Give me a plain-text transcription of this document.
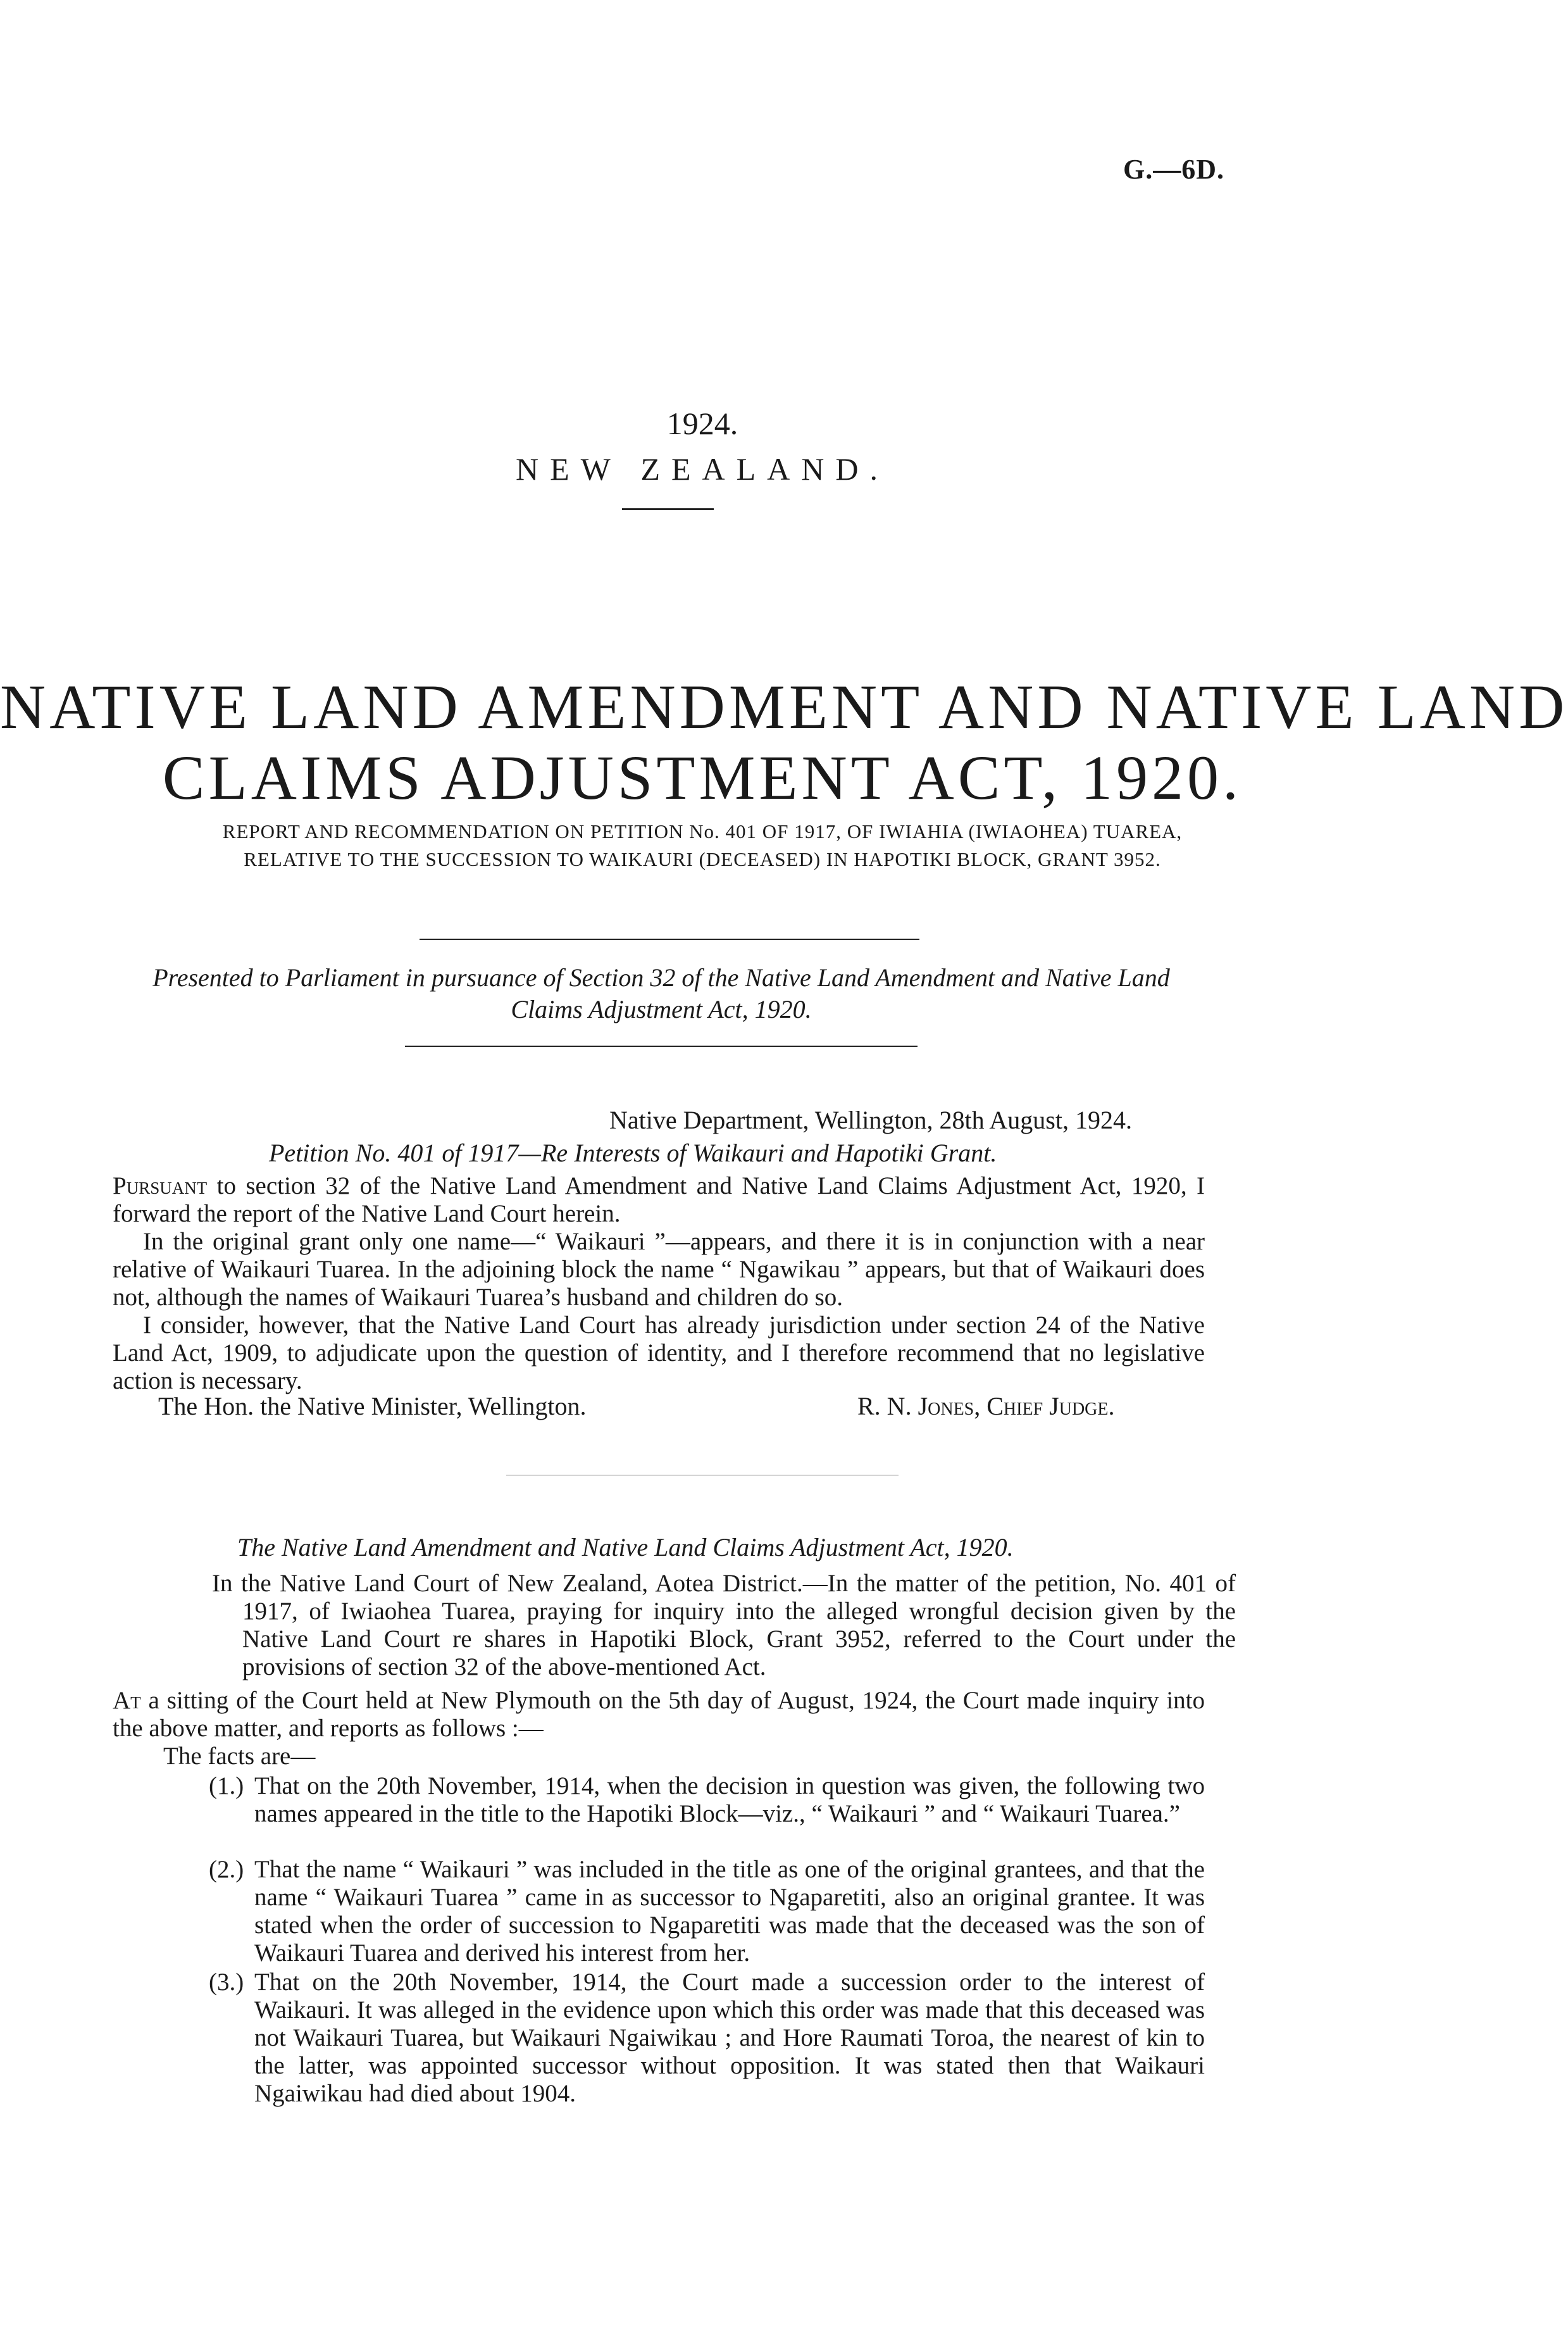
G.—6D.
1924.
NEW ZEALAND.
NATIVE LAND AMENDMENT AND NATIVE LAND
CLAIMS ADJUSTMENT ACT, 1920.
REPORT AND RECOMMENDATION ON PETITION No. 401 OF 1917, OF IWIAHIA (IWIAOHEA) TUAREA,
RELATIVE TO THE SUCCESSION TO WAIKAURI (DECEASED) IN HAPOTIKI BLOCK, GRANT 3952.
Presented to Parliament in pursuance of Section 32 of the Native Land Amendment and Native Land Claims Adjustment Act, 1920.
Native Department, Wellington, 28th August, 1924.
Petition No. 401 of 1917—Re Interests of Waikauri and Hapotiki Grant.
Pursuant to section 32 of the Native Land Amendment and Native Land Claims Adjustment Act, 1920, I forward the report of the Native Land Court herein.
In the original grant only one name—“ Waikauri ”—appears, and there it is in conjunction with a near relative of Waikauri Tuarea. In the adjoining block the name “ Ngawikau ” appears, but that of Waikauri does not, although the names of Waikauri Tuarea’s husband and children do so.
I consider, however, that the Native Land Court has already jurisdiction under section 24 of the Native Land Act, 1909, to adjudicate upon the question of identity, and I therefore recommend that no legislative action is necessary.
The Hon. the Native Minister, Wellington.	R. N. Jones, Chief Judge.
The Native Land Amendment and Native Land Claims Adjustment Act, 1920.
In the Native Land Court of New Zealand, Aotea District.—In the matter of the petition, No. 401 of 1917, of Iwiaohea Tuarea, praying for inquiry into the alleged wrongful decision given by the Native Land Court re shares in Hapotiki Block, Grant 3952, referred to the Court under the provisions of section 32 of the above-mentioned Act.
At a sitting of the Court held at New Plymouth on the 5th day of August, 1924, the Court made inquiry into the above matter, and reports as follows :—
The facts are—
(1.) That on the 20th November, 1914, when the decision in question was given, the following two names appeared in the title to the Hapotiki Block—viz., “ Waikauri ” and “ Waikauri Tuarea.”
(2.) That the name “ Waikauri ” was included in the title as one of the original grantees, and that the name “ Waikauri Tuarea ” came in as successor to Ngaparetiti, also an original grantee. It was stated when the order of succession to Ngaparetiti was made that the deceased was the son of Waikauri Tuarea and derived his interest from her.
(3.) That on the 20th November, 1914, the Court made a succession order to the interest of Waikauri. It was alleged in the evidence upon which this order was made that this deceased was not Waikauri Tuarea, but Waikauri Ngaiwikau ; and Hore Raumati Toroa, the nearest of kin to the latter, was appointed successor without opposition. It was stated then that Waikauri Ngaiwikau had died about 1904.
